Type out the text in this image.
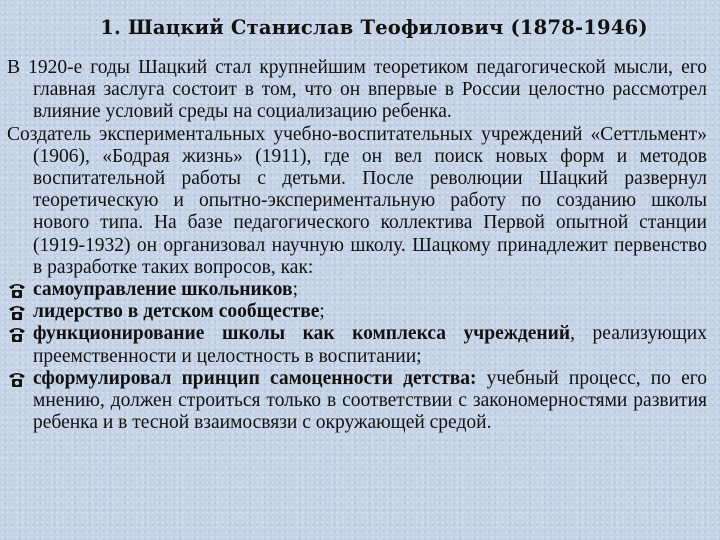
1. Шацкий Станислав Теофилович (1878-1946)

В 1920-е годы Шацкий стал крупнейшим теоретиком педагогической мысли, его главная заслуга состоит в том, что он впервые в России целостно рассмотрел влияние условий среды на социализацию ребенка.

Создатель экспериментальных учебно-воспитательных учреждений «Сеттльмент» (1906), «Бодрая жизнь» (1911), где он вел поиск новых форм и методов воспитательной работы с детьми. После революции Шацкий развернул теоретическую и опытно-экспериментальную работу по созданию школы нового типа. На базе педагогического коллектива Первой опытной станции (1919-1932) он организовал научную школу. Шацкому принадлежит первенство в разработке таких вопросов, как:

самоуправление школьников;
лидерство в детском сообществе;
функционирование школы как комплекса учреждений, реализующих преемственности и целостность в воспитании;
сформулировал принцип самоценности детства: учебный процесс, по его мнению, должен строиться только в соответствии с закономерностями развития ребенка и в тесной взаимосвязи с окружающей средой.
